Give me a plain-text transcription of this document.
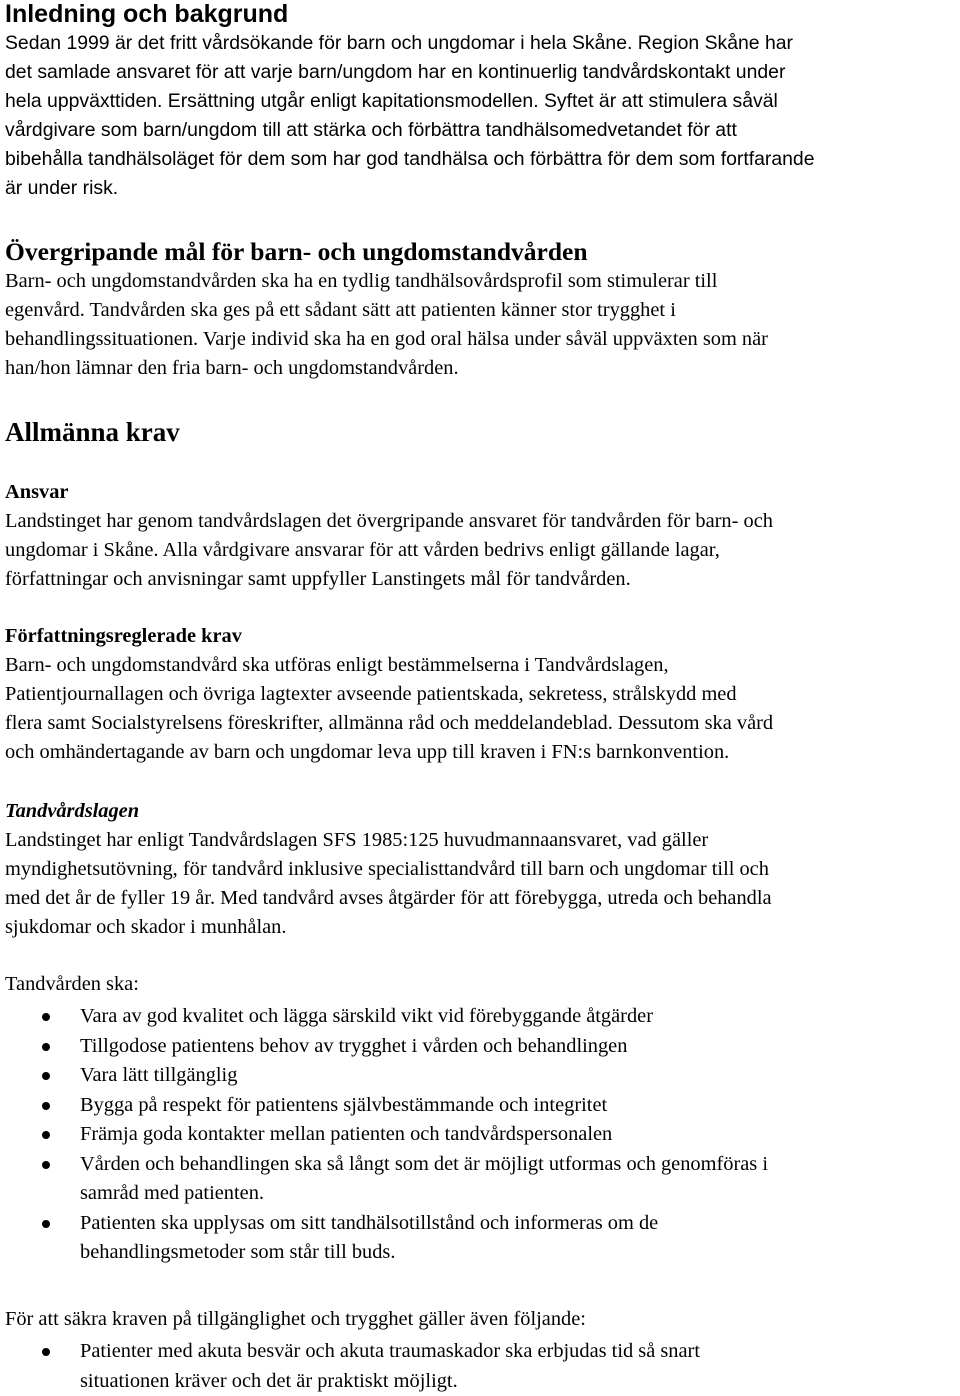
Inledning och bakgrund
Sedan 1999 är det fritt vårdsökande för barn och ungdomar i hela Skåne. Region Skåne har
det samlade ansvaret för att varje barn/ungdom har en kontinuerlig tandvårdskontakt under
hela uppväxttiden. Ersättning utgår enligt kapitationsmodellen. Syftet är att stimulera såväl
vårdgivare som barn/ungdom till att stärka och förbättra tandhälsomedvetandet för att
bibehålla tandhälsoläget för dem som har god tandhälsa och förbättra för dem som fortfarande
är under risk.
Övergripande mål för barn- och ungdomstandvården
Barn- och ungdomstandvården ska ha en tydlig tandhälsovårdsprofil som stimulerar till
egenvård. Tandvården ska ges på ett sådant sätt att patienten känner stor trygghet i
behandlingssituationen. Varje individ ska ha en god oral hälsa under såväl uppväxten som när
han/hon lämnar den fria barn- och ungdomstandvården.
Allmänna krav
Ansvar
Landstinget har genom tandvårdslagen det övergripande ansvaret för tandvården för barn- och
ungdomar i Skåne. Alla vårdgivare ansvarar för att vården bedrivs enligt gällande lagar,
författningar och anvisningar samt uppfyller Lanstingets mål för tandvården.
Författningsreglerade krav
Barn- och ungdomstandvård ska utföras enligt bestämmelserna i Tandvårdslagen,
Patientjournallagen och övriga lagtexter avseende patientskada, sekretess, strålskydd med
flera samt Socialstyrelsens föreskrifter, allmänna råd och meddelandeblad. Dessutom ska vård
och omhändertagande av barn och ungdomar leva upp till kraven i FN:s barnkonvention.
Tandvårdslagen
Landstinget har enligt Tandvårdslagen SFS 1985:125 huvudmannaansvaret, vad gäller
myndighetsutövning, för tandvård inklusive specialisttandvård till barn och ungdomar till och
med det år de fyller 19 år. Med tandvård avses åtgärder för att förebygga, utreda och behandla
sjukdomar och skador i munhålan.
Tandvården ska:
Vara av god kvalitet och lägga särskild vikt vid förebyggande åtgärder
Tillgodose patientens behov av trygghet i vården och behandlingen
Vara lätt tillgänglig
Bygga på respekt för patientens självbestämmande och integritet
Främja goda kontakter mellan patienten och tandvårdspersonalen
Vården och behandlingen ska så långt som det är möjligt utformas och genomföras i
samråd med patienten.
Patienten ska upplysas om sitt tandhälsotillstånd och informeras om de
behandlingsmetoder som står till buds.
För att säkra kraven på tillgänglighet och trygghet gäller även följande:
Patienter med akuta besvär och akuta traumaskador ska erbjudas tid så snart
situationen kräver och det är praktiskt möjligt.
